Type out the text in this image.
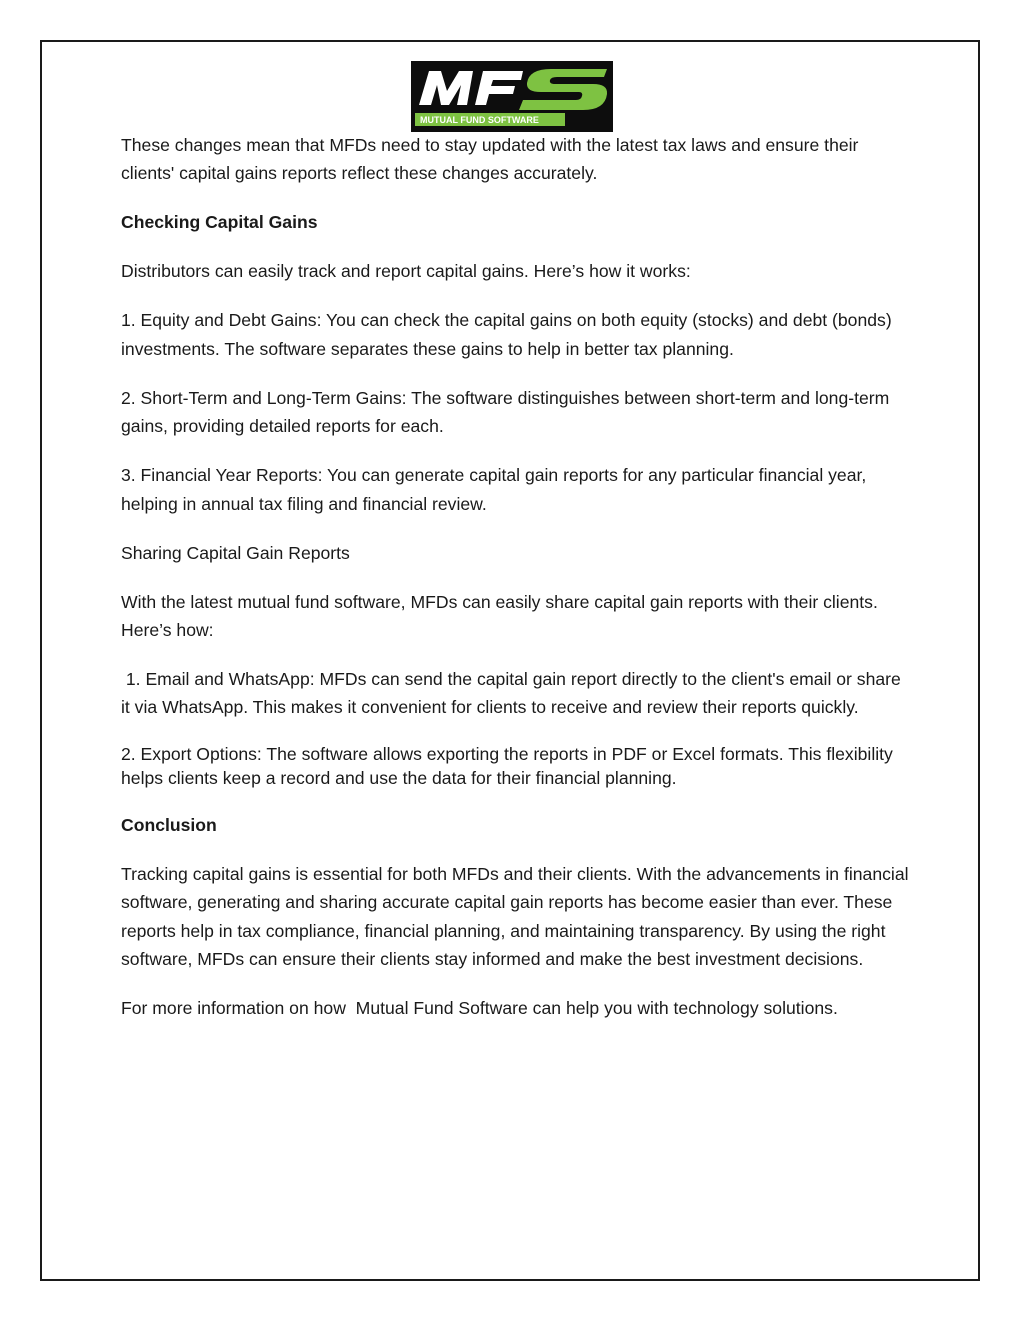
MUTUAL FUND SOFTWARE

These changes mean that MFDs need to stay updated with the latest tax laws and ensure their clients' capital gains reports reflect these changes accurately.

Checking Capital Gains

Distributors can easily track and report capital gains. Here’s how it works:

1. Equity and Debt Gains: You can check the capital gains on both equity (stocks) and debt (bonds) investments. The software separates these gains to help in better tax planning.

2. Short-Term and Long-Term Gains: The software distinguishes between short-term and long-term gains, providing detailed reports for each.

3. Financial Year Reports: You can generate capital gain reports for any particular financial year, helping in annual tax filing and financial review.

Sharing Capital Gain Reports

With the latest mutual fund software, MFDs can easily share capital gain reports with their clients. Here’s how:

1. Email and WhatsApp: MFDs can send the capital gain report directly to the client's email or share it via WhatsApp. This makes it convenient for clients to receive and review their reports quickly.

2. Export Options: The software allows exporting the reports in PDF or Excel formats. This flexibility helps clients keep a record and use the data for their financial planning.

Conclusion

Tracking capital gains is essential for both MFDs and their clients. With the advancements in financial software, generating and sharing accurate capital gain reports has become easier than ever. These reports help in tax compliance, financial planning, and maintaining transparency. By using the right software, MFDs can ensure their clients stay informed and make the best investment decisions.

For more information on how  Mutual Fund Software can help you with technology solutions.
